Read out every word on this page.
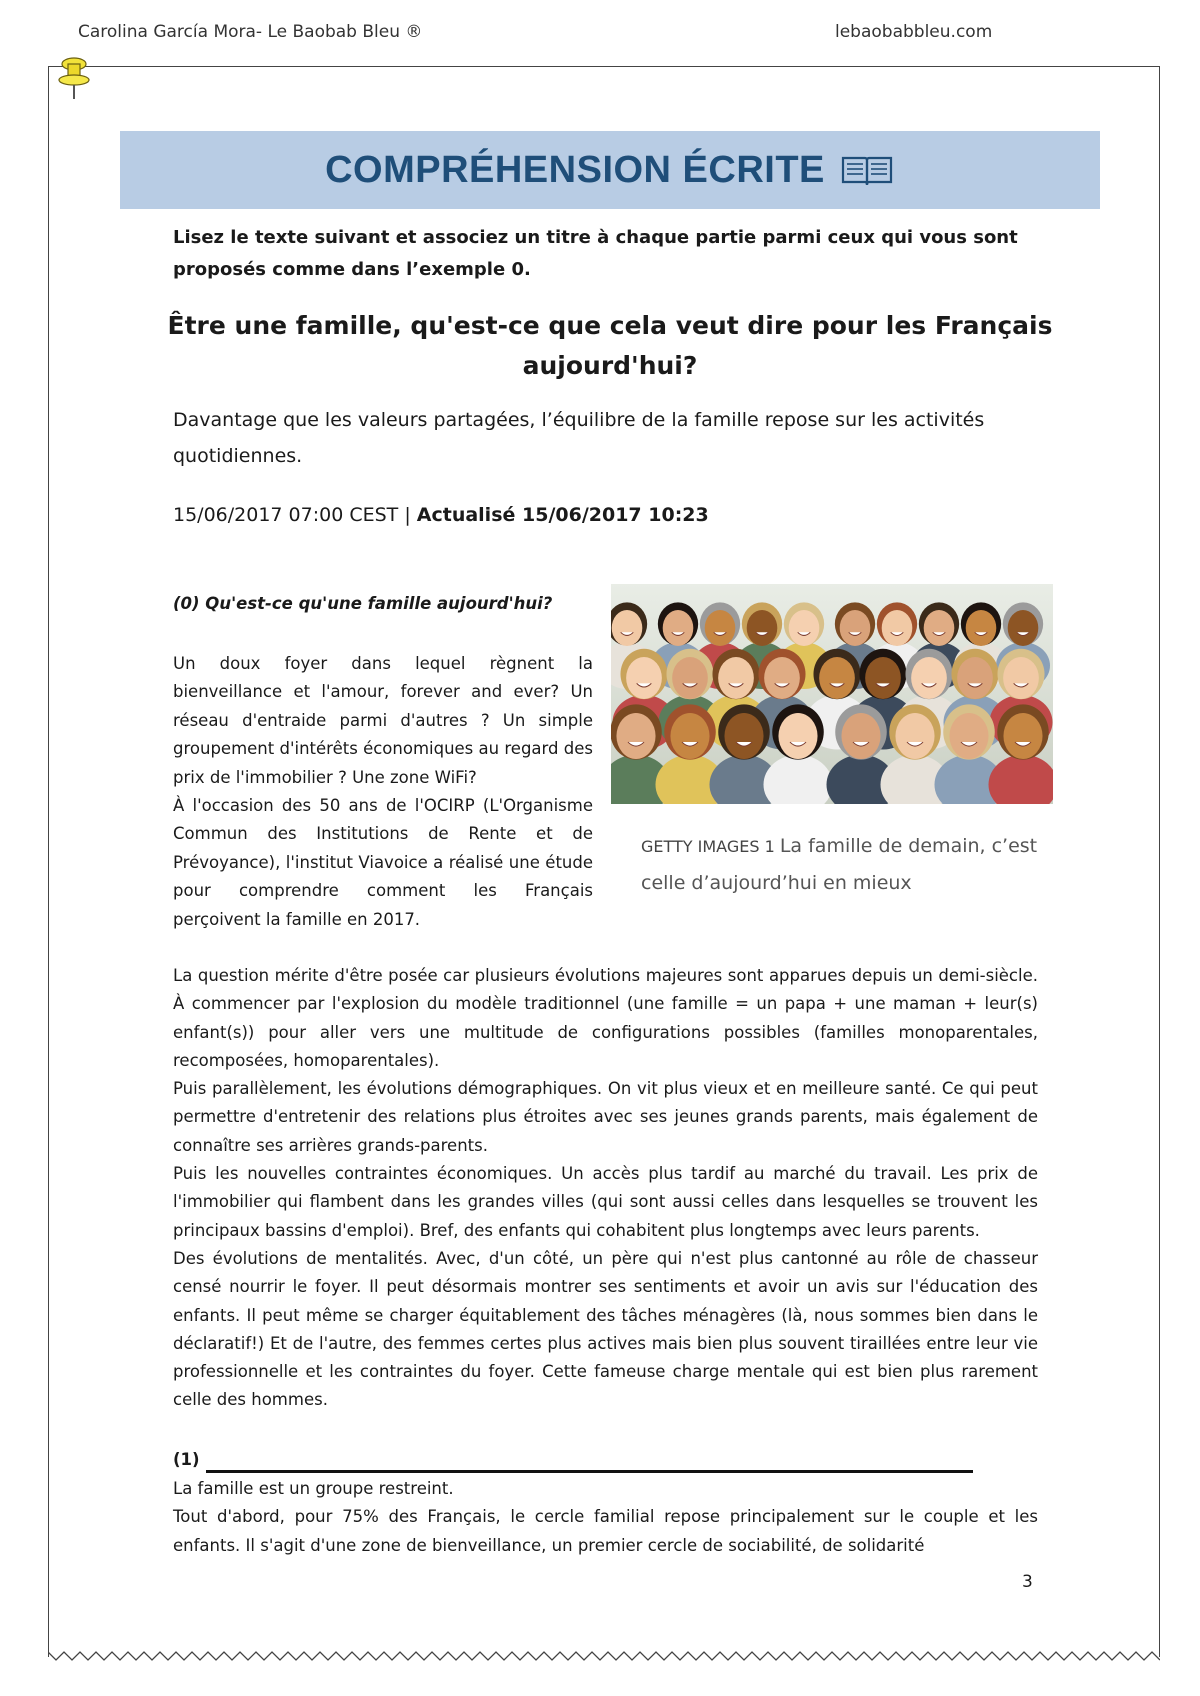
Carolina García Mora- Le Baobab Bleu ®	lebaobabbleu.com
COMPRÉHENSION ÉCRITE
Lisez le texte suivant et associez un titre à chaque partie parmi ceux qui vous sont proposés comme dans l’exemple 0.
Être une famille, qu'est-ce que cela veut dire pour les Français aujourd'hui?
Davantage que les valeurs partagées, l’équilibre de la famille repose sur les activités quotidiennes.
15/06/2017 07:00 CEST | Actualisé 15/06/2017 10:23
(0) Qu'est-ce qu'une famille aujourd'hui?

Un doux foyer dans lequel règnent la bienveillance et l'amour, forever and ever? Un réseau d'entraide parmi d'autres ? Un simple groupement d'intérêts économiques au regard des prix de l'immobilier ? Une zone WiFi?

À l'occasion des 50 ans de l'OCIRP (L'Organisme Commun des Institutions de Rente et de Prévoyance), l'institut Viavoice a réalisé une étude pour comprendre comment les Français perçoivent la famille en 2017.

GETTY IMAGES 1 La famille de demain, c’est celle d’aujourd’hui en mieux

La question mérite d'être posée car plusieurs évolutions majeures sont apparues depuis un demi-siècle. À commencer par l'explosion du modèle traditionnel (une famille = un papa + une maman + leur(s) enfant(s)) pour aller vers une multitude de configurations possibles (familles monoparentales, recomposées, homoparentales).

Puis parallèlement, les évolutions démographiques. On vit plus vieux et en meilleure santé. Ce qui peut permettre d'entretenir des relations plus étroites avec ses jeunes grands parents, mais également de connaître ses arrières grands-parents.

Puis les nouvelles contraintes économiques. Un accès plus tardif au marché du travail. Les prix de l'immobilier qui flambent dans les grandes villes (qui sont aussi celles dans lesquelles se trouvent les principaux bassins d'emploi). Bref, des enfants qui cohabitent plus longtemps avec leurs parents.

Des évolutions de mentalités. Avec, d'un côté, un père qui n'est plus cantonné au rôle de chasseur censé nourrir le foyer. Il peut désormais montrer ses sentiments et avoir un avis sur l'éducation des enfants. Il peut même se charger équitablement des tâches ménagères (là, nous sommes bien dans le déclaratif!) Et de l'autre, des femmes certes plus actives mais bien plus souvent tiraillées entre leur vie professionnelle et les contraintes du foyer. Cette fameuse charge mentale qui est bien plus rarement celle des hommes.

(1)

La famille est un groupe restreint.

Tout d'abord, pour 75% des Français, le cercle familial repose principalement sur le couple et les enfants. Il s'agit d'une zone de bienveillance, un premier cercle de sociabilité, de solidarité

3
